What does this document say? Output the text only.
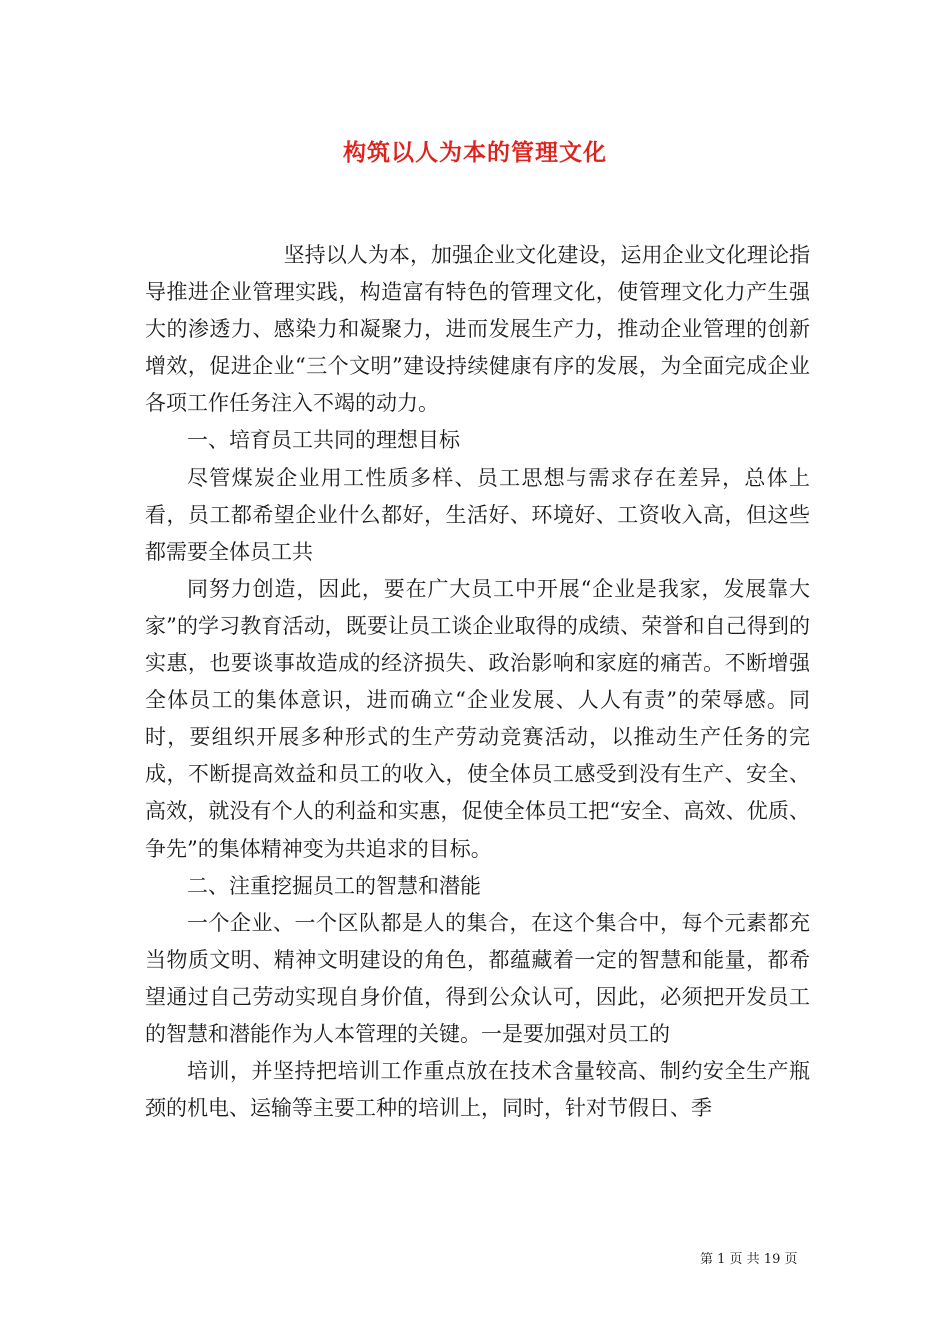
构筑以人为本的管理文化

坚持以人为本，加强企业文化建设，运用企业文化理论指导推进企业管理实践，构造富有特色的管理文化，使管理文化力产生强大的渗透力、感染力和凝聚力，进而发展生产力，推动企业管理的创新增效，促进企业“三个文明”建设持续健康有序的发展，为全面完成企业各项工作任务注入不竭的动力。

一、培育员工共同的理想目标

尽管煤炭企业用工性质多样、员工思想与需求存在差异，总体上看，员工都希望企业什么都好，生活好、环境好、工资收入高，但这些都需要全体员工共

同努力创造，因此，要在广大员工中开展“企业是我家，发展靠大家”的学习教育活动，既要让员工谈企业取得的成绩、荣誉和自己得到的实惠，也要谈事故造成的经济损失、政治影响和家庭的痛苦。不断增强全体员工的集体意识，进而确立“企业发展、人人有责”的荣辱感。同时，要组织开展多种形式的生产劳动竞赛活动，以推动生产任务的完成，不断提高效益和员工的收入，使全体员工感受到没有生产、安全、高效，就没有个人的利益和实惠，促使全体员工把“安全、高效、优质、争先”的集体精神变为共追求的目标。

二、注重挖掘员工的智慧和潜能

一个企业、一个区队都是人的集合，在这个集合中，每个元素都充当物质文明、精神文明建设的角色，都蕴藏着一定的智慧和能量，都希望通过自己劳动实现自身价值，得到公众认可，因此，必须把开发员工的智慧和潜能作为人本管理的关键。一是要加强对员工的

培训，并坚持把培训工作重点放在技术含量较高、制约安全生产瓶颈的机电、运输等主要工种的培训上，同时，针对节假日、季

第 1 页 共 19 页
